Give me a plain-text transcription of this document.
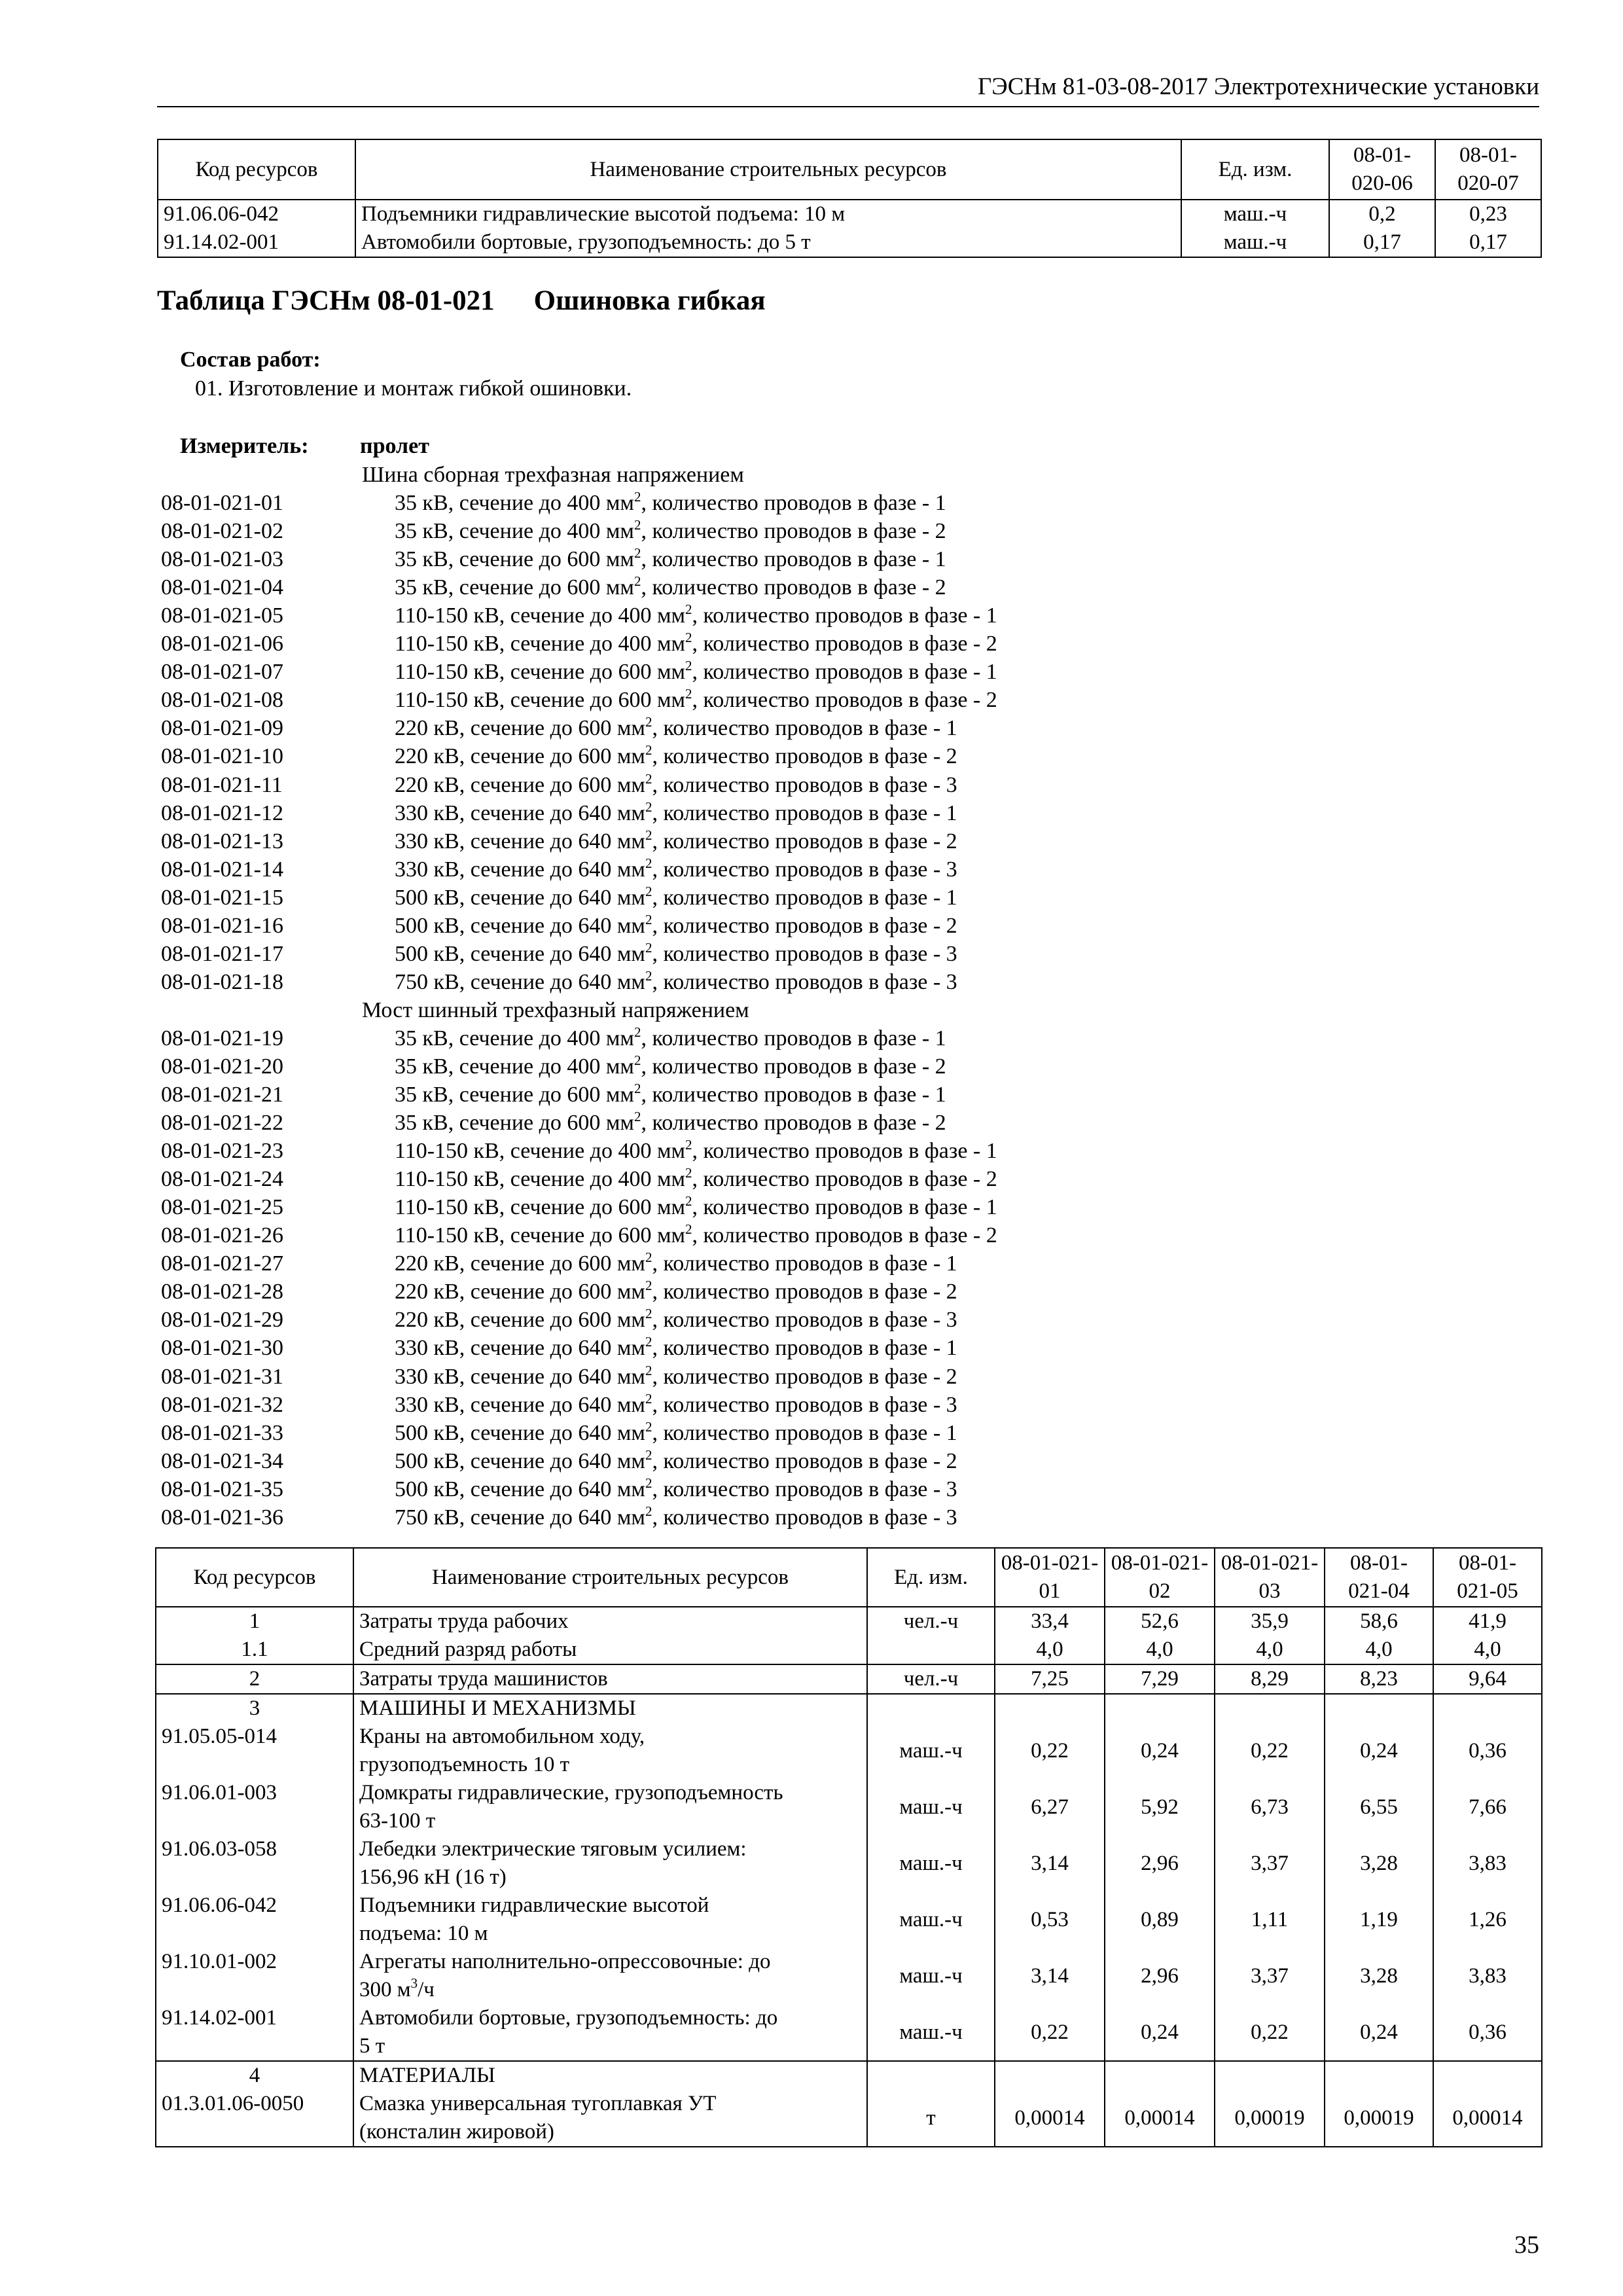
ГЭСНм 81-03-08-2017 Электротехнические установки
Код ресурсов	Наименование строительных ресурсов	Ед. изм.	08-01-020-06	08-01-020-07
91.06.06-042	Подъемники гидравлические высотой подъема: 10 м	маш.-ч	0,2	0,23
91.14.02-001	Автомобили бортовые, грузоподъемность: до 5 т	маш.-ч	0,17	0,17
Таблица ГЭСНм 08-01-021 Ошиновка гибкая
Состав работ:
01. Изготовление и монтаж гибкой ошиновки.
Измеритель: пролет
Шина сборная трехфазная напряжением
08-01-021-01	35 кВ, сечение до 400 $мм^2$, количество проводов в фазе - 1
08-01-021-02	35 кВ, сечение до 400 $мм^2$, количество проводов в фазе - 2
08-01-021-03	35 кВ, сечение до 600 $мм^2$, количество проводов в фазе - 1
08-01-021-04	35 кВ, сечение до 600 $мм^2$, количество проводов в фазе - 2
08-01-021-05	110-150 кВ, сечение до 400 $мм^2$, количество проводов в фазе - 1
08-01-021-06	110-150 кВ, сечение до 400 $мм^2$, количество проводов в фазе - 2
08-01-021-07	110-150 кВ, сечение до 600 $мм^2$, количество проводов в фазе - 1
08-01-021-08	110-150 кВ, сечение до 600 $мм^2$, количество проводов в фазе - 2
08-01-021-09	220 кВ, сечение до 600 $мм^2$, количество проводов в фазе - 1
08-01-021-10	220 кВ, сечение до 600 $мм^2$, количество проводов в фазе - 2
08-01-021-11	220 кВ, сечение до 600 $мм^2$, количество проводов в фазе - 3
08-01-021-12	330 кВ, сечение до 640 $мм^2$, количество проводов в фазе - 1
08-01-021-13	330 кВ, сечение до 640 $мм^2$, количество проводов в фазе - 2
08-01-021-14	330 кВ, сечение до 640 $мм^2$, количество проводов в фазе - 3
08-01-021-15	500 кВ, сечение до 640 $мм^2$, количество проводов в фазе - 1
08-01-021-16	500 кВ, сечение до 640 $мм^2$, количество проводов в фазе - 2
08-01-021-17	500 кВ, сечение до 640 $мм^2$, количество проводов в фазе - 3
08-01-021-18	750 кВ, сечение до 640 $мм^2$, количество проводов в фазе - 3
Мост шинный трехфазный напряжением
08-01-021-19	35 кВ, сечение до 400 $мм^2$, количество проводов в фазе - 1
08-01-021-20	35 кВ, сечение до 400 $мм^2$, количество проводов в фазе - 2
08-01-021-21	35 кВ, сечение до 600 $мм^2$, количество проводов в фазе - 1
08-01-021-22	35 кВ, сечение до 600 $мм^2$, количество проводов в фазе - 2
08-01-021-23	110-150 кВ, сечение до 400 $мм^2$, количество проводов в фазе - 1
08-01-021-24	110-150 кВ, сечение до 400 $мм^2$, количество проводов в фазе - 2
08-01-021-25	110-150 кВ, сечение до 600 $мм^2$, количество проводов в фазе - 1
08-01-021-26	110-150 кВ, сечение до 600 $мм^2$, количество проводов в фазе - 2
08-01-021-27	220 кВ, сечение до 600 $мм^2$, количество проводов в фазе - 1
08-01-021-28	220 кВ, сечение до 600 $мм^2$, количество проводов в фазе - 2
08-01-021-29	220 кВ, сечение до 600 $мм^2$, количество проводов в фазе - 3
08-01-021-30	330 кВ, сечение до 640 $мм^2$, количество проводов в фазе - 1
08-01-021-31	330 кВ, сечение до 640 $мм^2$, количество проводов в фазе - 2
08-01-021-32	330 кВ, сечение до 640 $мм^2$, количество проводов в фазе - 3
08-01-021-33	500 кВ, сечение до 640 $мм^2$, количество проводов в фазе - 1
08-01-021-34	500 кВ, сечение до 640 $мм^2$, количество проводов в фазе - 2
08-01-021-35	500 кВ, сечение до 640 $мм^2$, количество проводов в фазе - 3
08-01-021-36	750 кВ, сечение до 640 $мм^2$, количество проводов в фазе - 3
Код ресурсов	Наименование строительных ресурсов	Ед. изм.	08-01-021-01	08-01-021-02	08-01-021-03	08-01-021-04	08-01-021-05
1	Затраты труда рабочих	чел.-ч	33,4	52,6	35,9	58,6	41,9
1.1	Средний разряд работы		4,0	4,0	4,0	4,0	4,0
2	Затраты труда машинистов	чел.-ч	7,25	7,29	8,29	8,23	9,64
3	МАШИНЫ И МЕХАНИЗМЫ						
91.05.05-014	Краны на автомобильном ходу,
грузоподъемность 10 т	маш.-ч	0,22	0,24	0,22	0,24	0,36
91.06.01-003	Домкраты гидравлические, грузоподъемность
63-100 т	маш.-ч	6,27	5,92	6,73	6,55	7,66
91.06.03-058	Лебедки электрические тяговым усилием:
156,96 кН (16 т)	маш.-ч	3,14	2,96	3,37	3,28	3,83
91.06.06-042	Подъемники гидравлические высотой
подъема: 10 м	маш.-ч	0,53	0,89	1,11	1,19	1,26
91.10.01-002	Агрегаты наполнительно-опрессовочные: до
300 $м^3/ч$	маш.-ч	3,14	2,96	3,37	3,28	3,83
91.14.02-001	Автомобили бортовые, грузоподъемность: до
5 т	маш.-ч	0,22	0,24	0,22	0,24	0,36
4	МАТЕРИАЛЫ						
01.3.01.06-0050	Смазка универсальная тугоплавкая УТ
(консталин жировой)	т	0,00014	0,00014	0,00019	0,00019	0,00014
35
